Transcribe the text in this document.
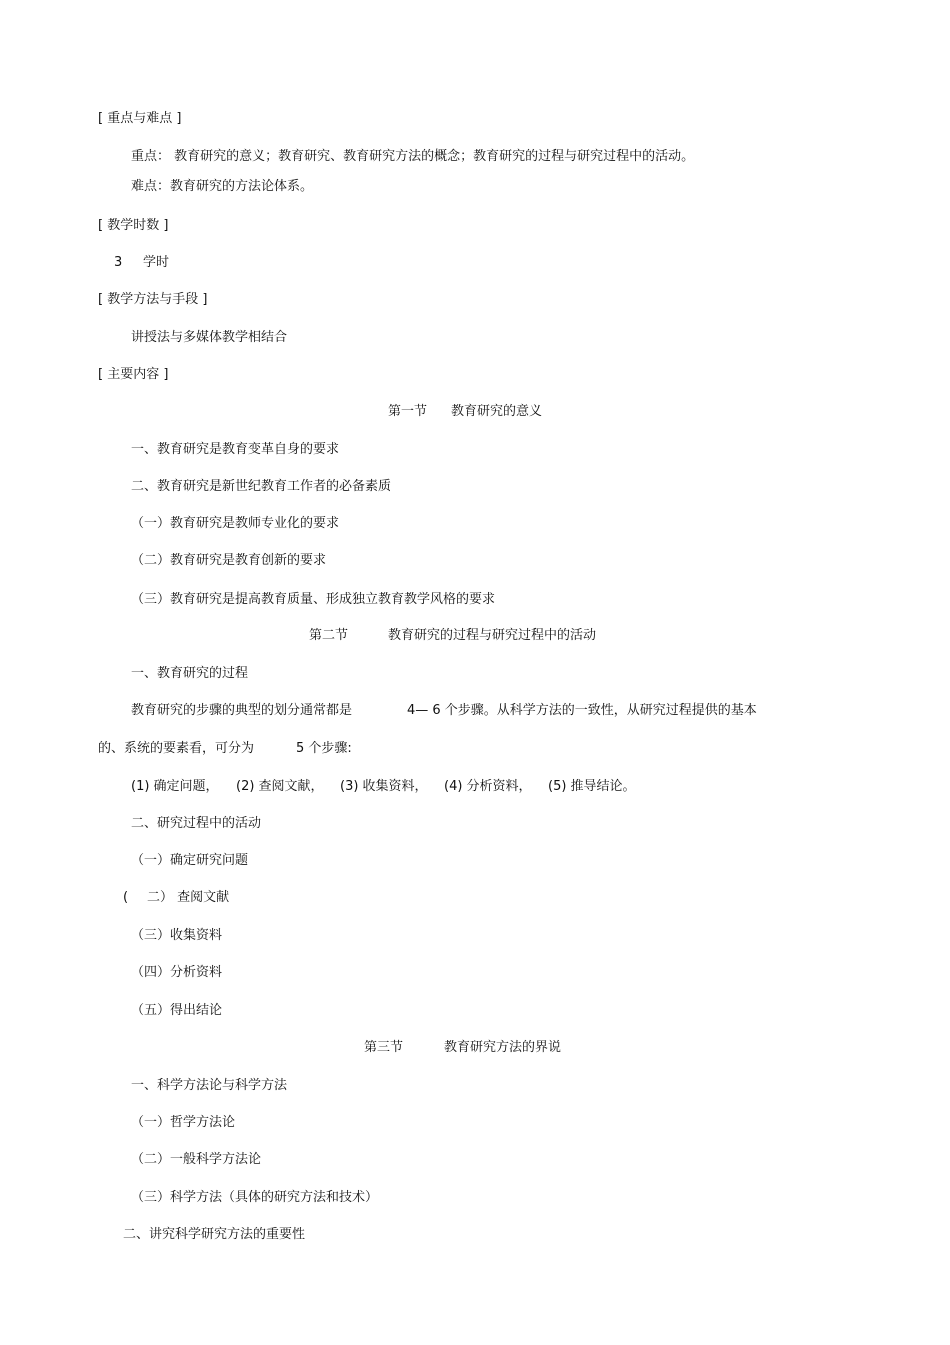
[ 重点与难点 ]
重点： 教育研究的意义；教育研究、教育研究方法的概念；教育研究的过程与研究过程中的活动。
难点：教育研究的方法论体系。
[ 教学时数 ]
3 学时
[ 教学方法与手段 ]
讲授法与多媒体教学相结合
[ 主要内容 ]
第一节 教育研究的意义
一、教育研究是教育变革自身的要求
二、教育研究是新世纪教育工作者的必备素质
（一）教育研究是教师专业化的要求
（二）教育研究是教育创新的要求
（三）教育研究是提高教育质量、形成独立教育教学风格的要求
第二节	教育研究的过程与研究过程中的活动
一、教育研究的过程
教育研究的步骤的典型的划分通常都是	4— 6 个步骤。从科学方法的一致性，从研究过程提供的基本
的、系统的要素看，可分为	5 个步骤:
(1) 确定问题， (2) 查阅文献， (3) 收集资料， (4) 分析资料， (5) 推导结论。
二、研究过程中的活动
（一）确定研究问题
( 二） 查阅文献
（三）收集资料
（四）分析资料
（五）得出结论
第三节	教育研究方法的界说
一、科学方法论与科学方法
（一）哲学方法论
（二）一般科学方法论
（三）科学方法（具体的研究方法和技术）
二、讲究科学研究方法的重要性
